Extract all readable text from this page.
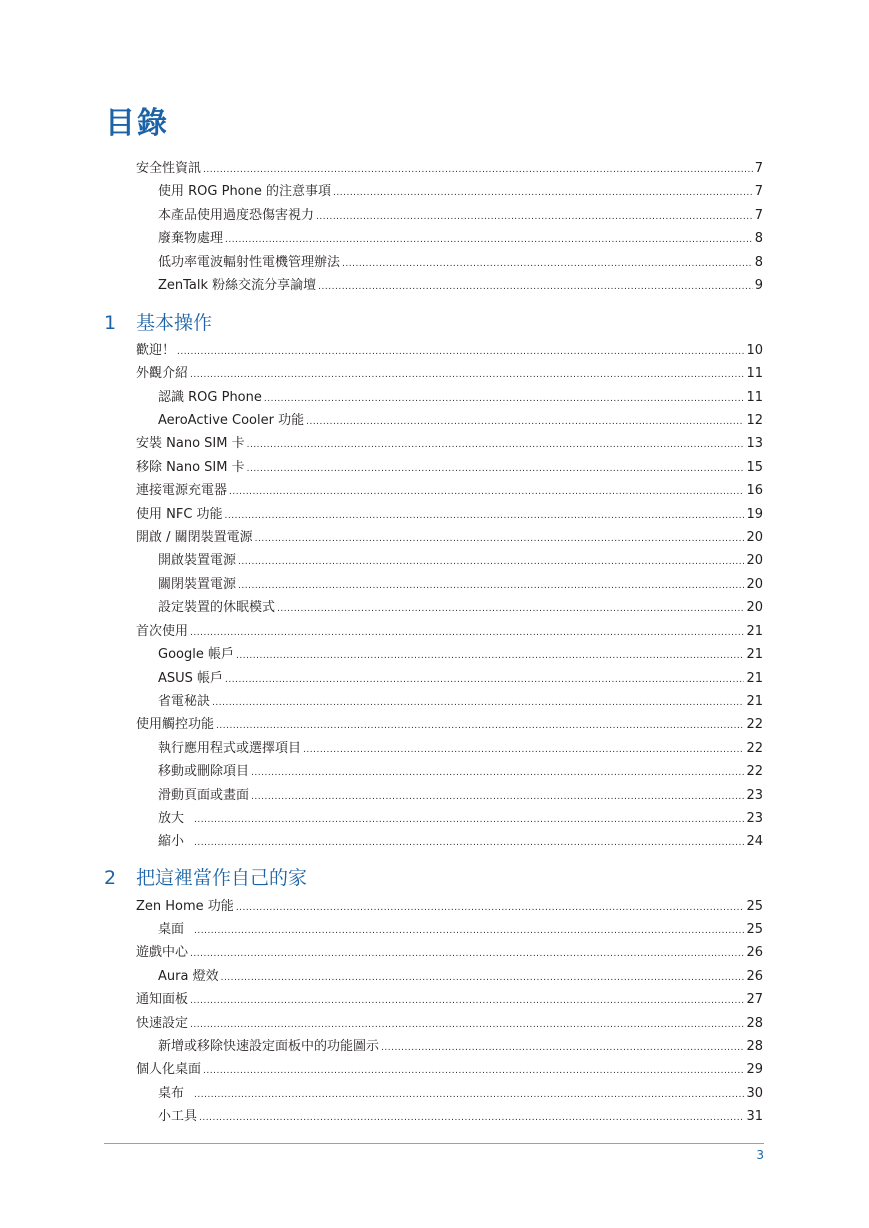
目錄
安全性資訊 .....	7
使用 ROG Phone 的注意事項 .....	7
本產品使用過度恐傷害視力 .....	7
廢棄物處理 .....	8
低功率電波輻射性電機管理辦法 .....	8
ZenTalk 粉絲交流分享論壇 .....	9
1	基本操作
歡迎！ .....	10
外觀介紹 .....	11
認識 ROG Phone .....	11
AeroActive Cooler 功能 .....	12
安裝 Nano SIM 卡 .....	13
移除 Nano SIM 卡 .....	15
連接電源充電器 .....	16
使用 NFC 功能 .....	19
開啟 / 關閉裝置電源 .....	20
開啟裝置電源 .....	20
關閉裝置電源 .....	20
設定裝置的休眠模式 .....	20
首次使用 .....	21
Google 帳戶 .....	21
ASUS 帳戶 .....	21
省電秘訣 .....	21
使用觸控功能 .....	22
執行應用程式或選擇項目 .....	22
移動或刪除項目 .....	22
滑動頁面或畫面 .....	23
放大 .....	23
縮小 .....	24
2	把這裡當作自己的家
Zen Home 功能 .....	25
桌面 .....	25
遊戲中心 .....	26
Aura 燈效 .....	26
通知面板 .....	27
快速設定 .....	28
新增或移除快速設定面板中的功能圖示 .....	28
個人化桌面 .....	29
桌布 .....	30
小工具 .....	31
3
